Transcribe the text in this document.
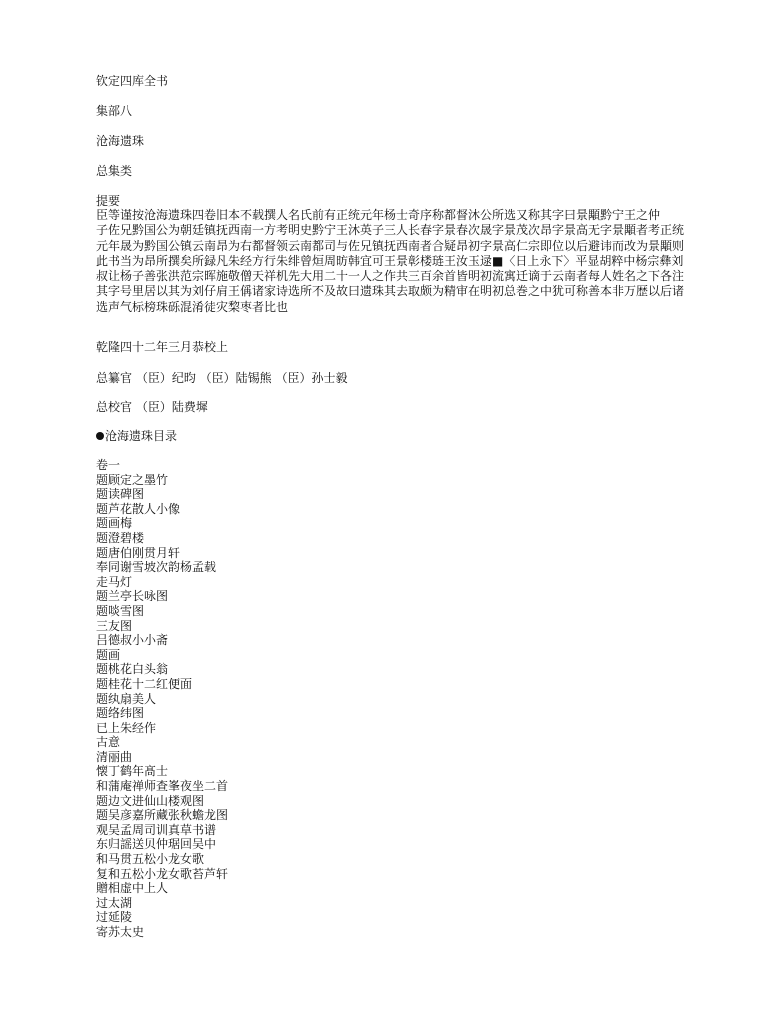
钦定四库全书
集部八
沧海遗珠
总集类
提要
臣等谨按沧海遗珠四卷旧本不载撰人名氏前有正统元年杨士奇序称都督沐公所选又称其字曰景顒黔宁王之仲
子佐兄黔国公为朝廷镇抚西南一方考明史黔宁王沐英子三人长春字景春次晟字景茂次昂字景高无字景顒者考正统
元年晟为黔国公镇云南昂为右都督领云南都司与佐兄镇抚西南者合疑昂初字景高仁宗即位以后避讳而改为景顒则
此书当为昂所撰矣所録凡朱经方行朱绯曾烜周昉韩宜可王景彰楼琏王汝玉逯■〈日上永下〉平显胡粹中杨宗彝刘
叔让杨子善张洪范宗晖施敬僧天祥机先大用二十一人之作共三百余首皆明初流寓迁谪于云南者每人姓名之下各注
其字号里居以其为刘仔肩王偁诸家诗选所不及故曰遗珠其去取颇为精审在明初总巻之中犹可称善本非万歴以后诸
选声气标榜珠砾混淆徒灾棃枣者比也
乾隆四十二年三月恭校上
总纂官 （臣）纪昀 （臣）陆锡熊 （臣）孙士毅
总校官 （臣）陆费墀
沧海遗珠目录
卷一
题顾定之墨竹
题读碑图
题芦花散人小像
题画梅
题澄碧楼
题唐伯刚贯月轩
奉同谢雪坡次韵杨孟载
走马灯
题兰亭长咏图
题啖雪图
三友图
吕德叔小小斋
题画
题桃花白头翁
题桂花十二红便面
题纨扇美人
题络纬图
已上朱经作
古意
清丽曲
懐丁鹤年髙士
和蒲庵禅师查峯夜坐二首
题边文进仙山楼观图
题吴彦嘉所藏张秋蟾龙图
观吴孟周司训真草书谱
东归謡送贝仲琚回吴中
和马贯五松小龙女歌
复和五松小龙女歌苔芦轩
贈相虚中上人
过太湖
过延陵
寄苏太史
